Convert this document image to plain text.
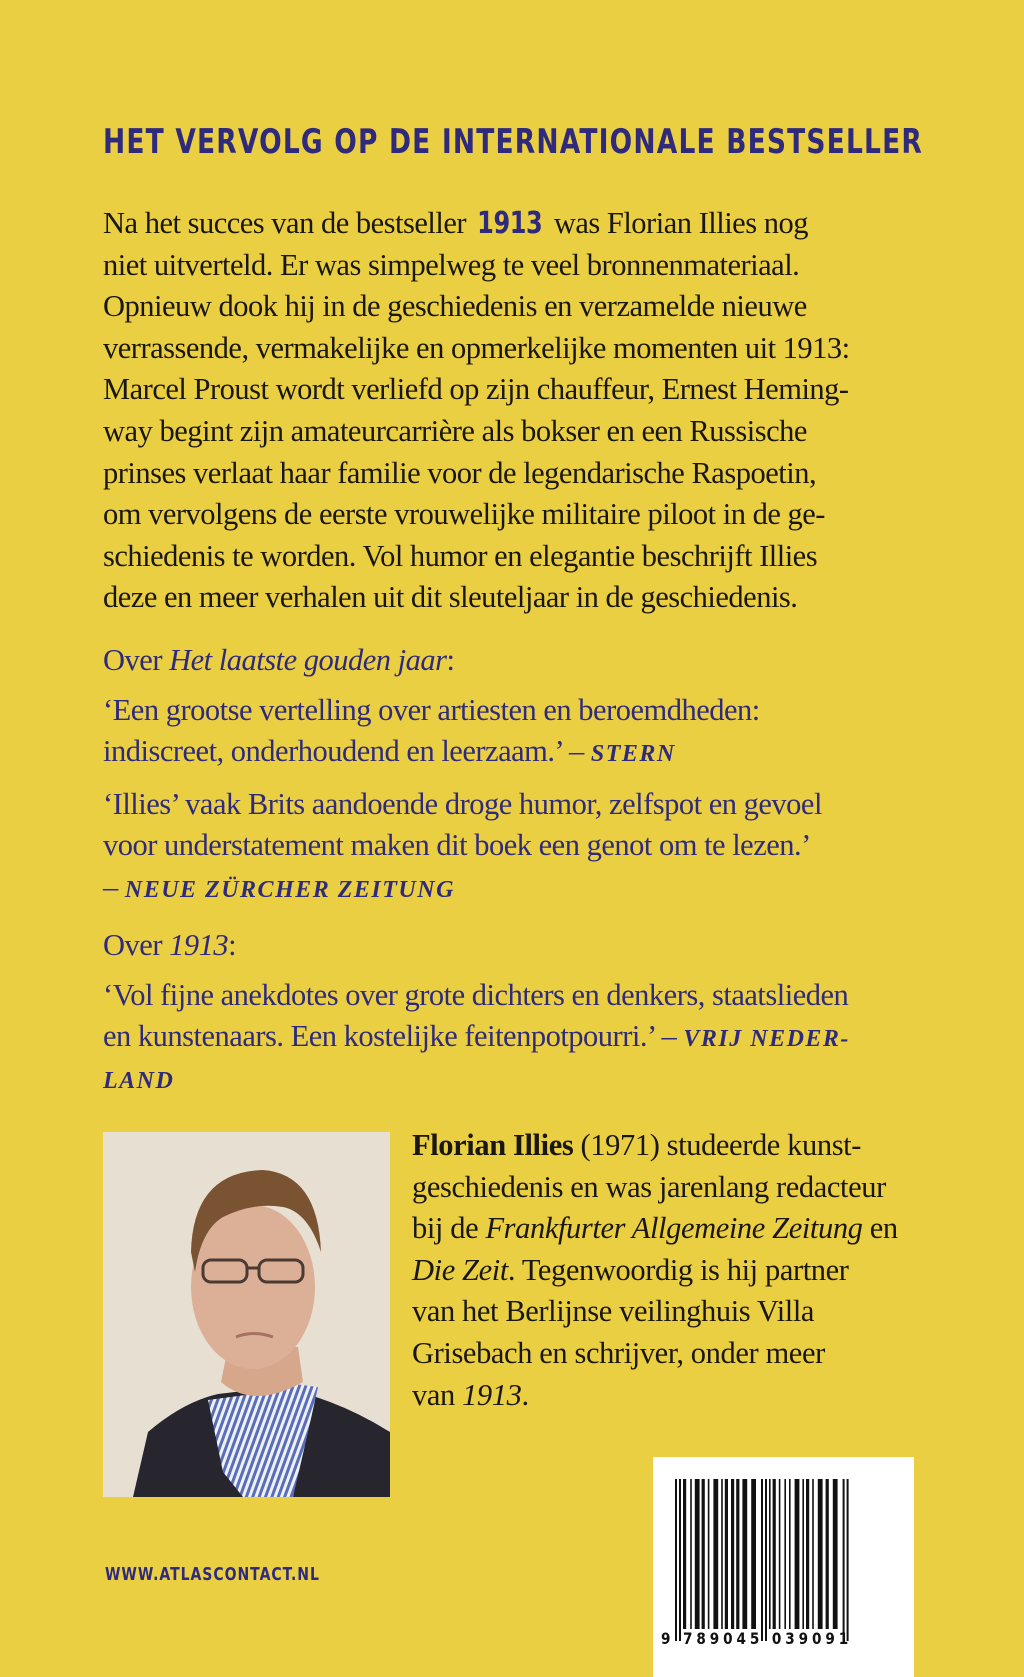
HET VERVOLG OP DE INTERNATIONALE BESTSELLER
Na het succes van de bestseller 1913 was Florian Illies nog
niet uitverteld. Er was simpelweg te veel bronnenmateriaal.
Opnieuw dook hij in de geschiedenis en verzamelde nieuwe
verrassende, vermakelijke en opmerkelijke momenten uit 1913:
Marcel Proust wordt verliefd op zijn chauffeur, Ernest Heming-
way begint zijn amateurcarrière als bokser en een Russische
prinses verlaat haar familie voor de legendarische Raspoetin,
om vervolgens de eerste vrouwelijke militaire piloot in de ge-
schiedenis te worden. Vol humor en elegantie beschrijft Illies
deze en meer verhalen uit dit sleuteljaar in de geschiedenis.
Over Het laatste gouden jaar:
‘Een grootse vertelling over artiesten en beroemdheden:
indiscreet, onderhoudend en leerzaam.’ – STERN
‘Illies’ vaak Brits aandoende droge humor, zelfspot en gevoel
voor understatement maken dit boek een genot om te lezen.’
– NEUE ZÜRCHER ZEITUNG
Over 1913:
‘Vol fijne anekdotes over grote dichters en denkers, staatslieden
en kunstenaars. Een kostelijke feitenpotpourri.’ – VRIJ NEDER-
LAND
Florian Illies (1971) studeerde kunst-
geschiedenis en was jarenlang redacteur
bij de Frankfurter Allgemeine Zeitung en
Die Zeit. Tegenwoordig is hij partner
van het Berlijnse veilinghuis Villa
Grisebach en schrijver, onder meer
van 1913.
WWW.ATLASCONTACT.NL
9 789045 039091
